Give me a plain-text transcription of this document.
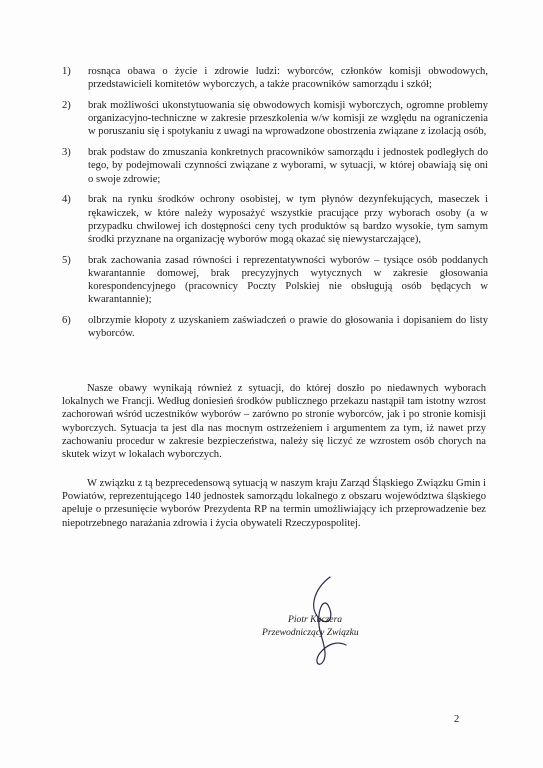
1)	rosnąca obawa o życie i zdrowie ludzi: wyborców, członków komisji obwodowych, przedstawicieli komitetów wyborczych, a także pracowników samorządu i szkół;
2)	brak możliwości ukonstytuowania się obwodowych komisji wyborczych, ogromne problemy organizacyjno-techniczne w zakresie przeszkolenia w/w komisji ze względu na ograniczenia w poruszaniu się i spotykaniu z uwagi na wprowadzone obostrzenia związane z izolacją osób,
3)	brak podstaw do zmuszania konkretnych pracowników samorządu i jednostek podległych do tego, by podejmowali czynności związane z wyborami, w sytuacji, w której obawiają się oni o swoje zdrowie;
4)	brak na rynku środków ochrony osobistej, w tym płynów dezynfekujących, maseczek i rękawiczek, w które należy wyposażyć wszystkie pracujące przy wyborach osoby (a w przypadku chwilowej ich dostępności ceny tych produktów są bardzo wysokie, tym samym środki przyznane na organizację wyborów mogą okazać się niewystarczające),
5)	brak zachowania zasad równości i reprezentatywności wyborów – tysiące osób poddanych kwarantannie domowej, brak precyzyjnych wytycznych w zakresie głosowania korespondencyjnego (pracownicy Poczty Polskiej nie obsługują osób będących w kwarantannie);
6)	olbrzymie kłopoty z uzyskaniem zaświadczeń o prawie do głosowania i dopisaniem do listy wyborców.

Nasze obawy wynikają również z sytuacji, do której doszło po niedawnych wyborach lokalnych we Francji. Według doniesień środków publicznego przekazu nastąpił tam istotny wzrost zachorowań wśród uczestników wyborów – zarówno po stronie wyborców, jak i po stronie komisji wyborczych. Sytuacja ta jest dla nas mocnym ostrzeżeniem i argumentem za tym, iż nawet przy zachowaniu procedur w zakresie bezpieczeństwa, należy się liczyć ze wzrostem osób chorych na skutek wizyt w lokalach wyborczych.

W związku z tą bezprecedensową sytuacją w naszym kraju Zarząd Śląskiego Związku Gmin i Powiatów, reprezentującego 140 jednostek samorządu lokalnego z obszaru województwa śląskiego apeluje o przesunięcie wyborów Prezydenta RP na termin umożliwiający ich przeprowadzenie bez niepotrzebnego narażania zdrowia i życia obywateli Rzeczypospolitej.

Piotr Kuczera

Przewodniczący Związku

2
